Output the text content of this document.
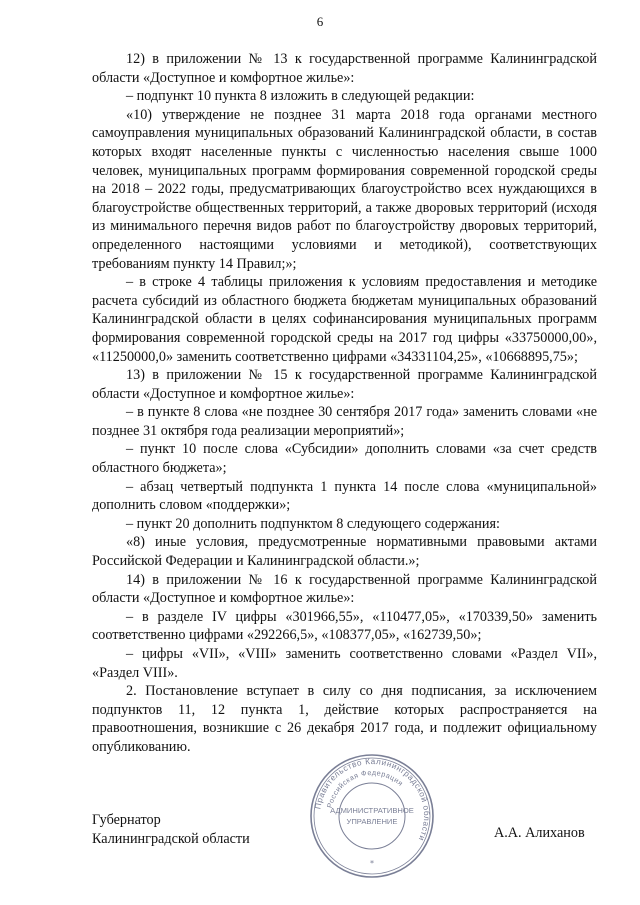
6

12) в приложении № 13 к государственной программе Калининградской области «Доступное и комфортное жилье»:

– подпункт 10 пункта 8 изложить в следующей редакции:

«10) утверждение не позднее 31 марта 2018 года органами местного самоуправления муниципальных образований Калининградской области, в состав которых входят населенные пункты с численностью населения свыше 1000 человек, муниципальных программ формирования современной городской среды на 2018 – 2022 годы, предусматривающих благоустройство всех нуждающихся в благоустройстве общественных территорий, а также дворовых территорий (исходя из минимального перечня видов работ по благоустройству дворовых территорий, определенного настоящими условиями и методикой), соответствующих требованиям пункту 14 Правил;»;

– в строке 4 таблицы приложения к условиям предоставления и методике расчета субсидий из областного бюджета бюджетам муниципальных образований Калининградской области в целях софинансирования муниципальных программ формирования современной городской среды на 2017 год цифры «33750000,00», «11250000,0» заменить соответственно цифрами «34331104,25», «10668895,75»;

13) в приложении № 15 к государственной программе Калининградской области «Доступное и комфортное жилье»:

– в пункте 8 слова «не позднее 30 сентября 2017 года» заменить словами «не позднее 31 октября года реализации мероприятий»;

– пункт 10 после слова «Субсидии» дополнить словами «за счет средств областного бюджета»;

– абзац четвертый подпункта 1 пункта 14 после слова «муниципальной» дополнить словом «поддержки»;

– пункт 20 дополнить подпунктом 8 следующего содержания:

«8) иные условия, предусмотренные нормативными правовыми актами Российской Федерации и Калининградской области.»;

14) в приложении № 16 к государственной программе Калининградской области «Доступное и комфортное жилье»:

– в разделе IV цифры «301966,55», «110477,05», «170339,50» заменить соответственно цифрами «292266,5», «108377,05», «162739,50»;

– цифры «VII», «VIII» заменить соответственно словами «Раздел VII», «Раздел VIII».

2. Постановление вступает в силу со дня подписания, за исключением подпунктов 11, 12 пункта 1, действие которых распространяется на правоотношения, возникшие с 26 декабря 2017 года, и подлежит официальному опубликованию.

Губернатор
Калининградской области
Правительство Калининградской области
Российская Федерация
АДМИНИСТРАТИВНОЕ
УПРАВЛЕНИЕ
*
А.А. Алиханов
